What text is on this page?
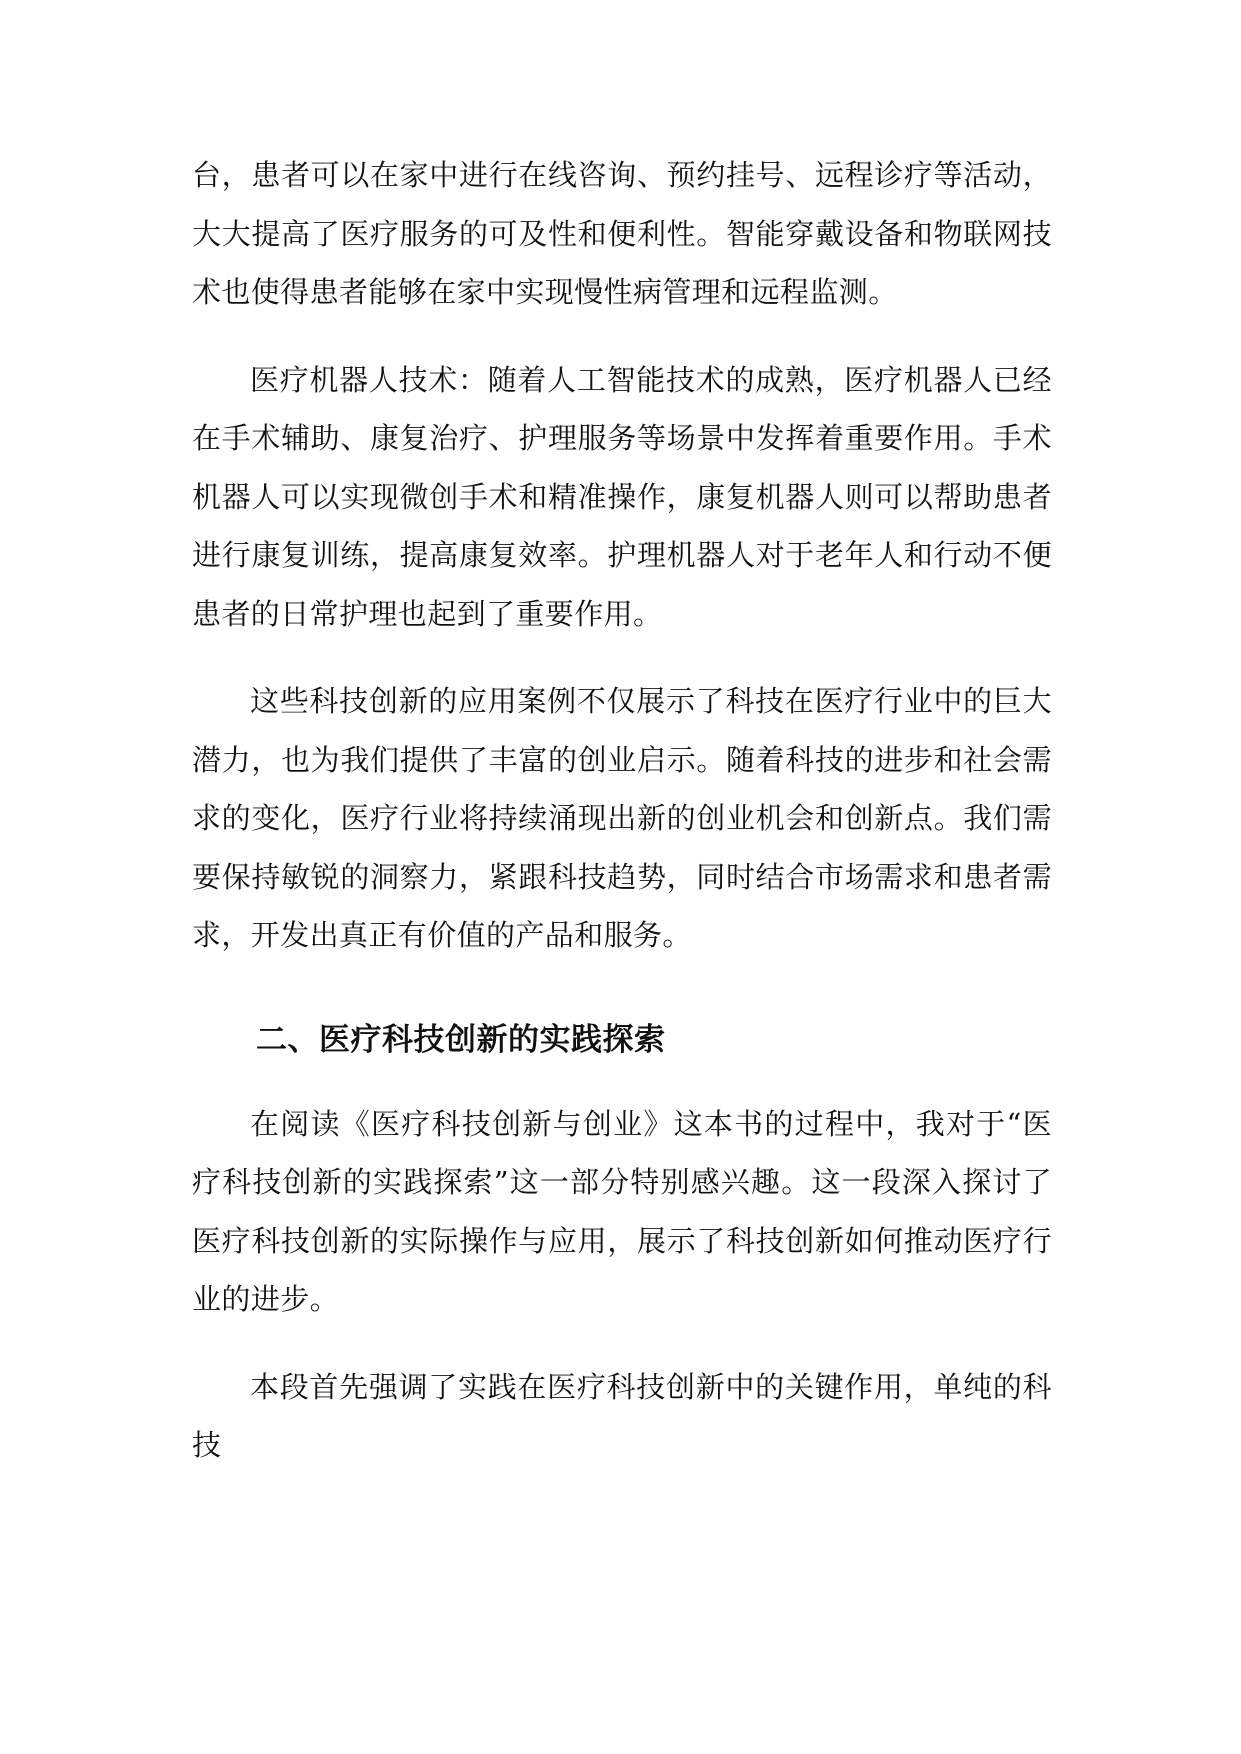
台，患者可以在家中进行在线咨询、预约挂号、远程诊疗等活动，大大提高了医疗服务的可及性和便利性。智能穿戴设备和物联网技术也使得患者能够在家中实现慢性病管理和远程监测。

医疗机器人技术：随着人工智能技术的成熟，医疗机器人已经在手术辅助、康复治疗、护理服务等场景中发挥着重要作用。手术机器人可以实现微创手术和精准操作，康复机器人则可以帮助患者进行康复训练，提高康复效率。护理机器人对于老年人和行动不便患者的日常护理也起到了重要作用。

这些科技创新的应用案例不仅展示了科技在医疗行业中的巨大潜力，也为我们提供了丰富的创业启示。随着科技的进步和社会需求的变化，医疗行业将持续涌现出新的创业机会和创新点。我们需要保持敏锐的洞察力，紧跟科技趋势，同时结合市场需求和患者需求，开发出真正有价值的产品和服务。

二、医疗科技创新的实践探索

在阅读《医疗科技创新与创业》这本书的过程中，我对于“医疗科技创新的实践探索”这一部分特别感兴趣。这一段深入探讨了医疗科技创新的实际操作与应用，展示了科技创新如何推动医疗行业的进步。

本段首先强调了实践在医疗科技创新中的关键作用，单纯的科技
